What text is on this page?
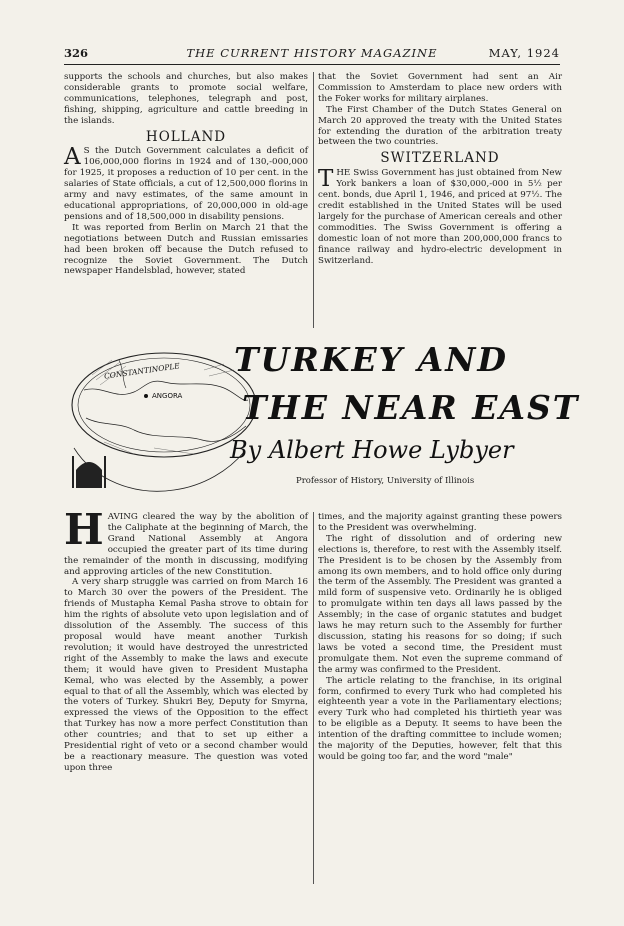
326	THE CURRENT HISTORY MAGAZINE	MAY, 1924

supports the schools and churches, but also makes considerable grants to promote social welfare, communications, telephones, telegraph and post, fishing, shipping, agriculture and cattle breeding in the islands.

HOLLAND

A S the Dutch Government calculates a deficit of 106,000,000 florins in 1924 and of 130,-000,000 for 1925, it proposes a reduction of 10 per cent. in the salaries of State officials, a cut of 12,500,000 florins in army and navy estimates, of the same amount in educational appropriations, of 20,000,000 in old-age pensions and of 18,500,000 in disability pensions.

It was reported from Berlin on March 21 that the negotiations between Dutch and Russian emissaries had been broken off because the Dutch refused to recognize the Soviet Government. The Dutch newspaper Handelsblad, however, stated

that the Soviet Government had sent an Air Commission to Amsterdam to place new orders with the Foker works for military airplanes.

The First Chamber of the Dutch States General on March 20 approved the treaty with the United States for extending the duration of the arbitration treaty between the two countries.

SWITZERLAND

THE Swiss Government has just obtained from New York bankers a loan of $30,000,-000 in 5½ per cent. bonds, due April 1, 1946, and priced at 97½. The credit established in the United States will be used largely for the purchase of American cereals and other commodities. The Swiss Government is offering a domestic loan of not more than 200,000,000 francs to finance railway and hydro-electric development in Switzerland.

CONSTANTINOPLE
ANGORA
TURKEY AND
THE NEAR EAST
By Albert Howe Lybyer
Professor of History, University of Illinois

HAVING cleared the way by the abolition of the Caliphate at the beginning of March, the Grand National Assembly at Angora occupied the greater part of its time during the remainder of the month in discussing, modifying and approving articles of the new Constitution.

A very sharp struggle was carried on from March 16 to March 30 over the powers of the President. The friends of Mustapha Kemal Pasha strove to obtain for him the rights of absolute veto upon legislation and of dissolution of the Assembly. The success of this proposal would have meant another Turkish revolution; it would have destroyed the unrestricted right of the Assembly to make the laws and execute them; it would have given to President Mustapha Kemal, who was elected by the Assembly, a power equal to that of all the Assembly, which was elected by the voters of Turkey. Shukri Bey, Deputy for Smyrna, expressed the views of the Opposition to the effect that Turkey has now a more perfect Constitution than other countries; and that to set up either a Presidential right of veto or a second chamber would be a reactionary measure. The question was voted upon three

times, and the majority against granting these powers to the President was overwhelming.

The right of dissolution and of ordering new elections is, therefore, to rest with the Assembly itself. The President is to be chosen by the Assembly from among its own members, and to hold office only during the term of the Assembly. The President was granted a mild form of suspensive veto. Ordinarily he is obliged to promulgate within ten days all laws passed by the Assembly; in the case of organic statutes and budget laws he may return such to the Assembly for further discussion, stating his reasons for so doing; if such laws be voted a second time, the President must promulgate them. Not even the supreme command of the army was confirmed to the President.

The article relating to the franchise, in its original form, confirmed to every Turk who had completed his eighteenth year a vote in the Parliamentary elections; every Turk who had completed his thirtieth year was to be eligible as a Deputy. It seems to have been the intention of the drafting committee to include women; the majority of the Deputies, however, felt that this would be going too far, and the word "male"
